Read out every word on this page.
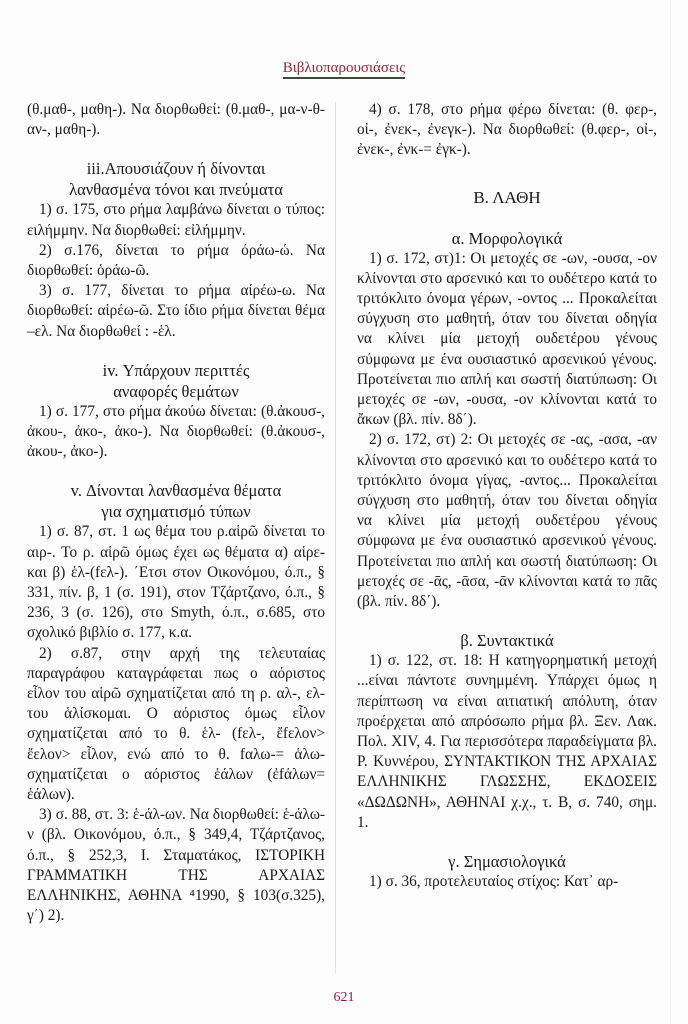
Βιβλιοπαρουσιάσεις

(θ.μαθ-, μαθη-). Να διορθωθεί: (θ.μαθ-, μα-ν-θ-αν-, μαθη-).

iii.Απουσιάζουν ή δίνονται
λανθασμένα τόνοι και πνεύματα

1) σ. 175, στο ρήμα λαμβάνω δίνεται ο τύπος: ειλήμμην. Να διορθωθεί: εἰλήμμην.

2) σ.176, δίνεται το ρήμα όράω-ώ. Να διορθωθεί: ὁράω-ῶ.

3) σ. 177, δίνεται το ρήμα αίρέω-ω. Να διορθωθεί: αἱρέω-ῶ. Στο ίδιο ρήμα δίνεται θέμα –ελ. Να διορθωθεί : -ἑλ.

iv. Υπάρχουν περιττές
αναφορές θεμάτων

1) σ. 177, στο ρήμα ἀκούω δίνεται: (θ.ἀκουσ-, ἀκου-, ἀκο-, ἀκο-). Να διορθωθεί: (θ.ἀκουσ-, ἀκου-, ἀκο-).

v. Δίνονται λανθασμένα θέματα
για σχηματισμό τύπων

1) σ. 87, στ. 1 ως θέμα του ρ.αἱρῶ δίνεται το αιρ-. Το ρ. αἱρῶ όμως έχει ως θέματα α) αἱρε- και β) ἑλ-(fελ-). ΄Ετσι στον Οικονόμου, ό.π., § 331, πίν. β, 1 (σ. 191), στον Τζάρτζανο, ό.π., § 236, 3 (σ. 126), στο Smyth, ό.π., σ.685, στο σχολικό βιβλίο σ. 177, κ.α.

2) σ.87, στην αρχή της τελευταίας παραγράφου καταγράφεται πως ο αόριστος εἷλον του αἱρῶ σχηματίζεται από τη ρ. αλ-, ελ- του ἁλίσκομαι. Ο αόριστος όμως εἷλον σχηματίζεται από το θ. ἑλ- (fελ-, ἔfελον> ἔελον> εἷλον, ενώ από το θ. fαλω-= ἁλω- σχηματίζεται ο αόριστος ἑάλων (ἐfάλων= ἑάλων).

3) σ. 88, στ. 3: ἑ-άλ-ων. Να διορθωθεί: ἑ-άλω-ν (βλ. Οικονόμου, ό.π., § 349,4, Τζάρτζανος, ό.π., § 252,3, Ι. Σταματάκος, ΙΣΤΟΡΙΚΗ ΓΡΑΜΜΑΤΙΚΗ ΤΗΣ ΑΡΧΑΙΑΣ ΕΛΛΗΝΙΚΗΣ, ΑΘΗΝΑ ⁴1990, § 103(σ.325), γ΄) 2).

4) σ. 178, στο ρήμα φέρω δίνεται: (θ. φερ-, οἰ-, ἐνεκ-, ἐνεγκ-). Να διορθωθεί: (θ.φερ-, οἰ-, ἐνεκ-, ἐνκ-= ἐγκ-).

Β. ΛΑΘΗ
α. Μορφολογικά

1) σ. 172, στ)1: Οι μετοχές σε -ων, -ουσα, -ον κλίνονται στο αρσενικό και το ουδέτερο κατά το τριτόκλιτο όνομα γέρων, -οντος ... Προκαλείται σύγχυση στο μαθητή, όταν του δίνεται οδηγία να κλίνει μία μετοχή ουδετέρου γένους σύμφωνα με ένα ουσιαστικό αρσενικού γένους. Προτείνεται πιο απλή και σωστή διατύπωση: Οι μετοχές σε -ων, -ουσα, -ον κλίνονται κατά το ἄκων (βλ. πίν. 8δ΄).

2) σ. 172, στ) 2: Οι μετοχές σε -ας, -ασα, -αν κλίνονται στο αρσενικό και το ουδέτερο κατά το τριτόκλιτο όνομα γίγας, -αντος... Προκαλείται σύγχυση στο μαθητή, όταν του δίνεται οδηγία να κλίνει μία μετοχή ουδετέρου γένους σύμφωνα με ένα ουσιαστικό αρσενικού γένους. Προτείνεται πιο απλή και σωστή διατύπωση: Οι μετοχές σε -ᾱς, -ᾱσα, -ᾱν κλίνονται κατά το πᾶς (βλ. πίν. 8δ΄).

β. Συντακτικά

1) σ. 122, στ. 18: Η κατηγορηματική μετοχή ...είναι πάντοτε συνημμένη. Υπάρχει όμως η περίπτωση να είναι αιτιατική απόλυτη, όταν προέρχεται από απρόσωπο ρήμα βλ. Ξεν. Λακ. Πολ. XIV, 4. Για περισσότερα παραδείγματα βλ. Ρ. Κυννέρου, ΣΥΝΤΑΚΤΙΚΟΝ ΤΗΣ ΑΡΧΑΙΑΣ ΕΛΛΗΝΙΚΗΣ ΓΛΩΣΣΗΣ, ΕΚΔΟΣΕΙΣ «ΔΩΔΩΝΗ», ΑΘΗΝΑΙ χ.χ., τ. Β, σ. 740, σημ. 1.

γ. Σημασιολογικά

1) σ. 36, προτελευταίος στίχος: Κατ᾽ αρ-

621
